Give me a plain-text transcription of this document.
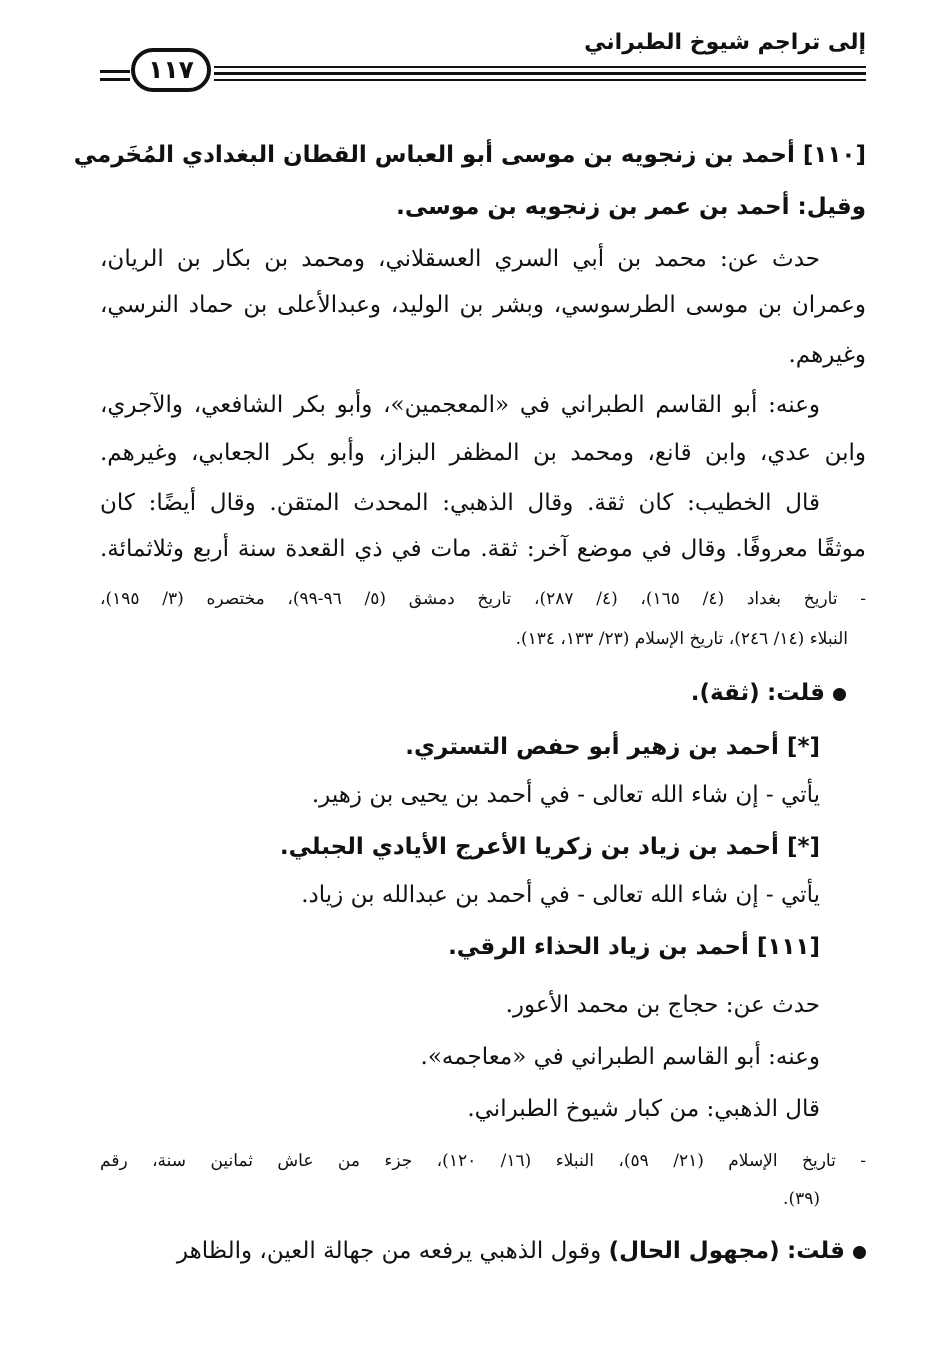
إلى تراجم شيوخ الطبراني
١١٧
[١١٠] أحمد بن زنجويه بن موسى أبو العباس القطان البغدادي المُخَرمي
وقيل: أحمد بن عمر بن زنجويه بن موسى.
حدث عن: محمد بن أبي السري العسقلاني، ومحمد بن بكار بن الريان،
وعمران بن موسى الطرسوسي، وبشر بن الوليد، وعبدالأعلى بن حماد النرسي،
وغيرهم.
وعنه: أبو القاسم الطبراني في «المعجمين»، وأبو بكر الشافعي، والآجري،
وابن عدي، وابن قانع، ومحمد بن المظفر البزاز، وأبو بكر الجعابي، وغيرهم.
قال الخطيب: كان ثقة. وقال الذهبي: المحدث المتقن. وقال أيضًا: كان
موثقًا معروفًا. وقال في موضع آخر: ثقة. مات في ذي القعدة سنة أربع وثلاثمائة.
- تاريخ بغداد (٤/ ١٦٥)، (٤/ ٢٨٧)، تاريخ دمشق (٥/ ٩٦-٩٩)، مختصره (٣/ ١٩٥)،
النبلاء (١٤/ ٢٤٦)، تاريخ الإسلام (٢٣/ ١٣٣، ١٣٤).
قلت: (ثقة).
[*] أحمد بن زهير أبو حفص التستري.
يأتي - إن شاء الله تعالى - في أحمد بن يحيى بن زهير.
[*] أحمد بن زياد بن زكريا الأعرج الأيادي الجبلي.
يأتي - إن شاء الله تعالى - في أحمد بن عبدالله بن زياد.
[١١١] أحمد بن زياد الحذاء الرقي.
حدث عن: حجاج بن محمد الأعور.
وعنه: أبو القاسم الطبراني في «معاجمه».
قال الذهبي: من كبار شيوخ الطبراني.
- تاريخ الإسلام (٢١/ ٥٩)، النبلاء (١٦/ ١٢٠)، جزء من عاش ثمانين سنة، رقم
(٣٩).
قلت: (مجهول الحال) وقول الذهبي يرفعه من جهالة العين، والظاهر
